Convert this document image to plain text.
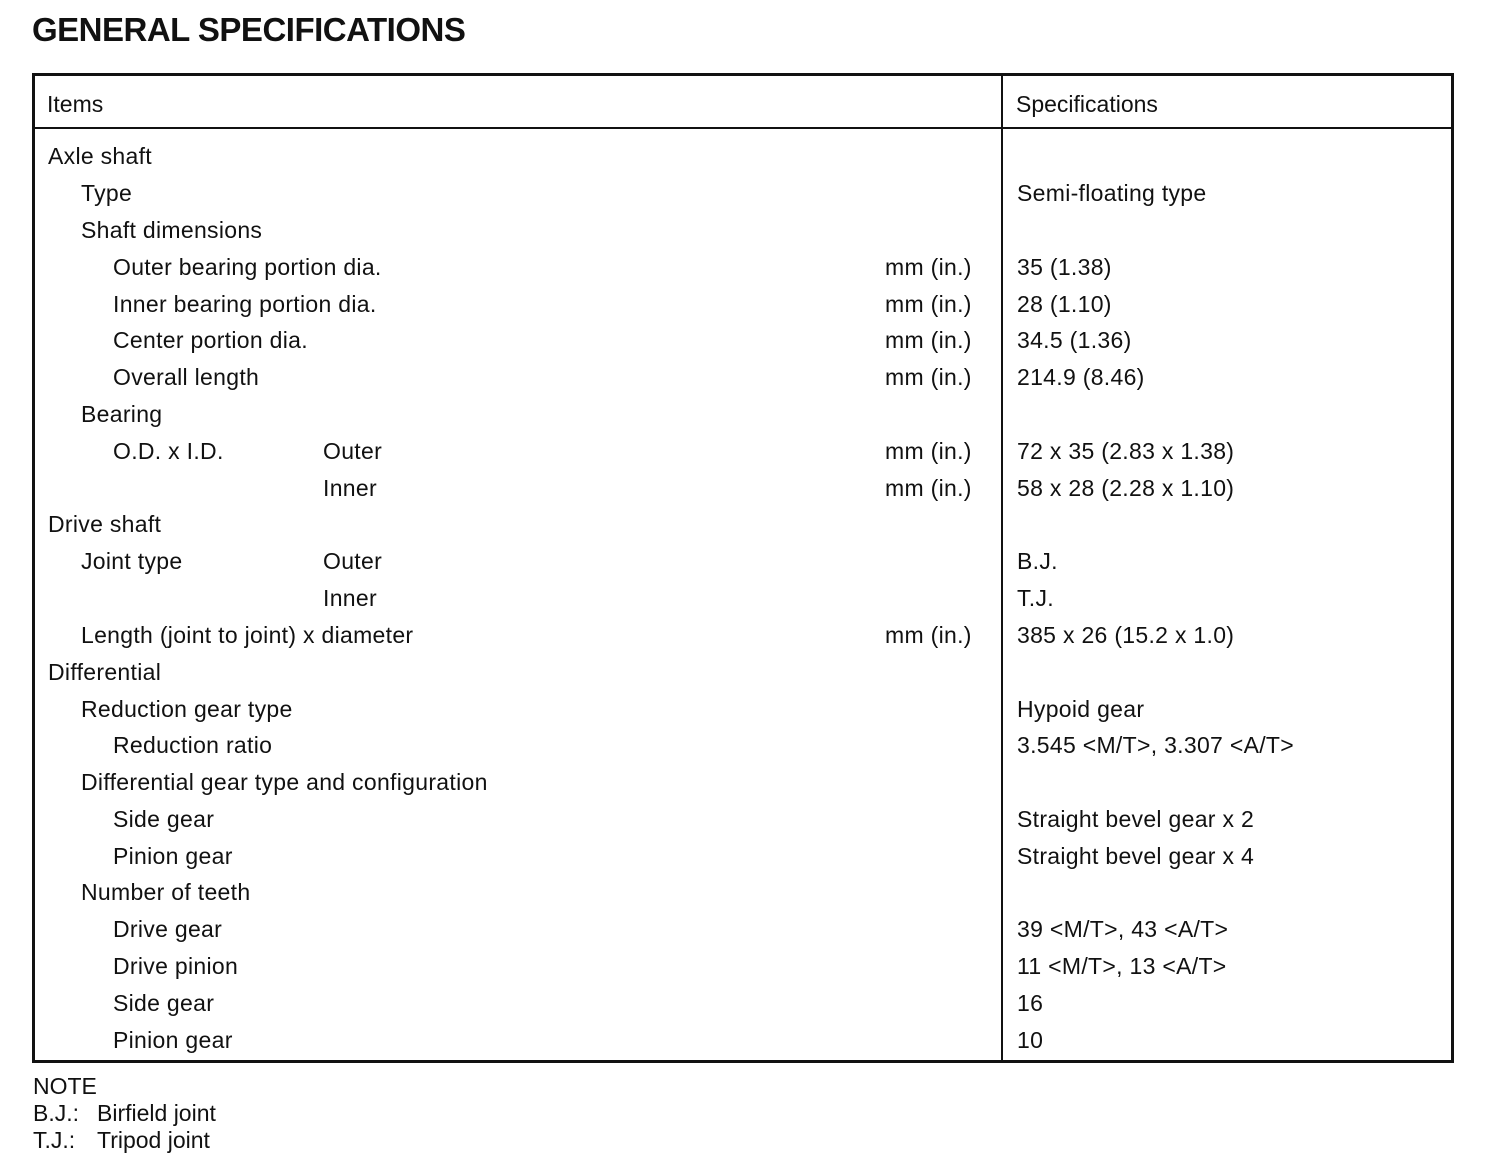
GENERAL SPECIFICATIONS
Items	Specifications
Axle shaft
Type	Semi-floating type
Shaft dimensions
Outer bearing portion dia.	mm (in.) 35 (1.38)
Inner bearing portion dia.	mm (in.) 28 (1.10)
Center portion dia.	mm (in.) 34.5 (1.36)
Overall length	mm (in.) 214.9 (8.46)
Bearing
O.D. x I.D.	Outer	mm (in.) 72 x 35 (2.83 x 1.38)
Inner	mm (in.) 58 x 28 (2.28 x 1.10)
Drive shaft
Joint type	Outer	B.J.
Inner	T.J.
Length (joint to joint) x diameter	mm (in.) 385 x 26 (15.2 x 1.0)
Differential
Reduction gear type	Hypoid gear
Reduction ratio	3.545 <M/T>, 3.307 <A/T>
Differential gear type and configuration
Side gear	Straight bevel gear x 2
Pinion gear	Straight bevel gear x 4
Number of teeth
Drive gear	39 <M/T>, 43 <A/T>
Drive pinion	11 <M/T>, 13 <A/T>
Side gear	16
Pinion gear	10
NOTE
B.J.: Birfield joint
T.J.: Tripod joint
